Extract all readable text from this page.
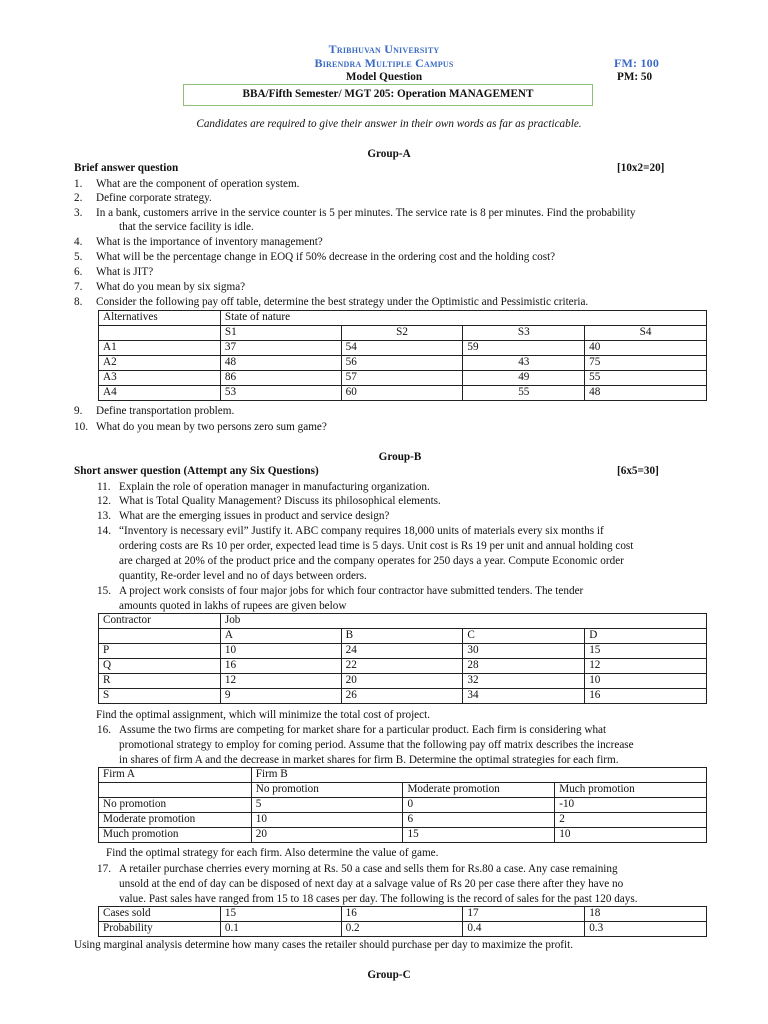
Tribhuvan University
Birendra Multiple Campus	FM: 100
Model Question	PM: 50
BBA/Fifth Semester/ MGT 205: Operation MANAGEMENT
Candidates are required to give their answer in their own words as far as practicable.
Group-A
Brief answer question	[10x2=20]
1.	What are the component of operation system.
2.	Define corporate strategy.
3.	In a bank, customers arrive in the service counter is 5 per minutes. The service rate is 8 per minutes. Find the probability
that the service facility is idle.
4.	What is the importance of inventory management?
5.	What will be the percentage change in EOQ if 50% decrease in the ordering cost and the holding cost?
6.	What is JIT?
7.	What do you mean by six sigma?
8.	Consider the following pay off table, determine the best strategy under the Optimistic and Pessimistic criteria.
Alternatives	State of nature			
	S1	S2	S3	S4
A1	37	54	59	40
A2	48	56	43	75
A3	86	57	49	55
A4	53	60	55	48
9.	Define transportation problem.
10. What do you mean by two persons zero sum game?
Group-B
Short answer question (Attempt any Six Questions)	[6x5=30]
11. Explain the role of operation manager in manufacturing organization.
12. What is Total Quality Management? Discuss its philosophical elements.
13. What are the emerging issues in product and service design?
14. “Inventory is necessary evil” Justify it. ABC company requires 18,000 units of materials every six months if
ordering costs are Rs 10 per order, expected lead time is 5 days. Unit cost is Rs 19 per unit and annual holding cost
are charged at 20% of the product price and the company operates for 250 days a year. Compute Economic order
quantity, Re-order level and no of days between orders.
15. A project work consists of four major jobs for which four contractor have submitted tenders. The tender
amounts quoted in lakhs of rupees are given below
Contractor	Job			
	A	B	C	D
P	10	24	30	15
Q	16	22	28	12
R	12	20	32	10
S	9	26	34	16
Find the optimal assignment, which will minimize the total cost of project.
16. Assume the two firms are competing for market share for a particular product. Each firm is considering what
promotional strategy to employ for coming period. Assume that the following pay off matrix describes the increase
in shares of firm A and the decrease in market shares for firm B. Determine the optimal strategies for each firm.
Firm A	Firm B		
	No promotion	Moderate promotion	Much promotion
No promotion	5	0	-10
Moderate promotion	10	6	2
Much promotion	20	15	10
Find the optimal strategy for each firm. Also determine the value of game.
17. A retailer purchase cherries every morning at Rs. 50 a case and sells them for Rs.80 a case. Any case remaining
unsold at the end of day can be disposed of next day at a salvage value of Rs 20 per case there after they have no
value. Past sales have ranged from 15 to 18 cases per day. The following is the record of sales for the past 120 days.
Cases sold	15	16	17	18
Probability	0.1	0.2	0.4	0.3
Using marginal analysis determine how many cases the retailer should purchase per day to maximize the profit.
Group-C
